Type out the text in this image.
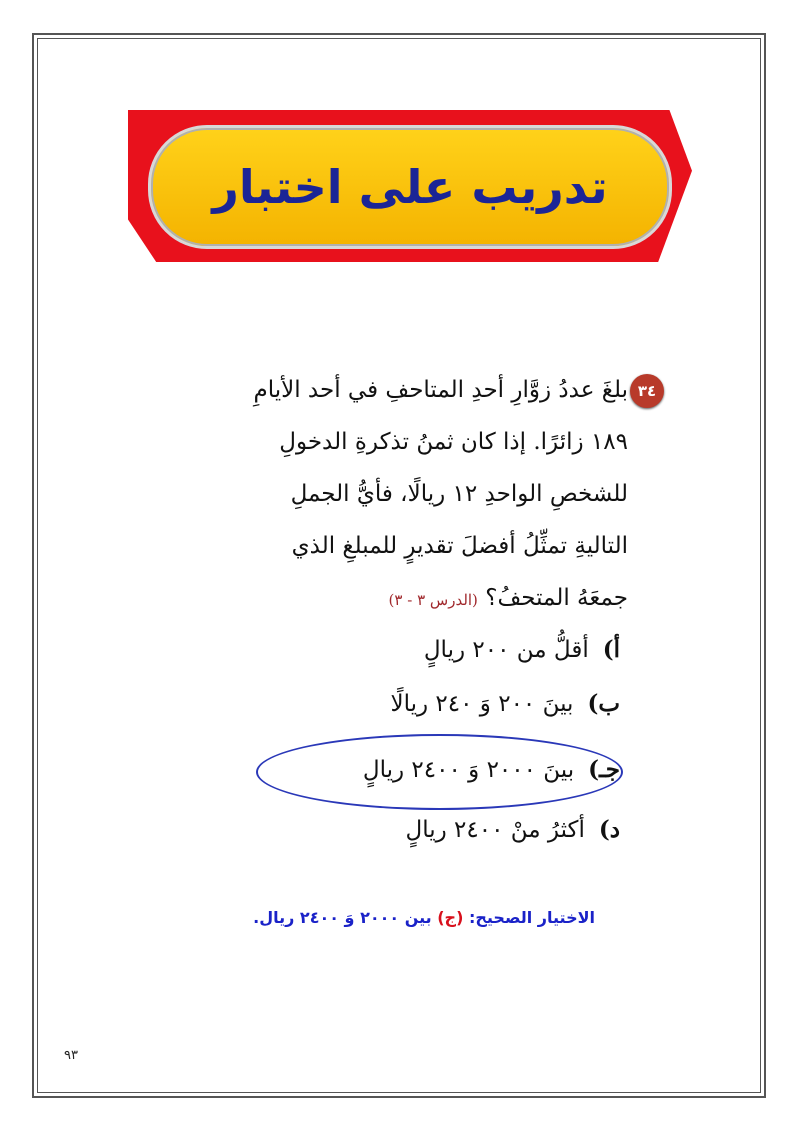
تدريب على اختبار
٣٤
بلغَ عددُ زوَّارِ أحدِ المتاحفِ في أحد الأيامِ
١٨٩ زائرًا. إذا كان ثمنُ تذكرةِ الدخولِ
للشخصِ الواحدِ ١٢ ريالًا، فأيُّ الجملِ
التاليةِ تمثِّلُ أفضلَ تقديرٍ للمبلغِ الذي
جمعَهُ المتحفُ؟ (الدرس ٣ - ٣)
أ)أقلُّ من ٢٠٠ ريالٍ
ب)بينَ ٢٠٠ وَ ٢٤٠ ريالًا
جـ)بينَ ٢٠٠٠ وَ ٢٤٠٠ ريالٍ
د)أكثرُ منْ ٢٤٠٠ ريالٍ
الاختيار الصحيح: (ج) بين ٢٠٠٠ وَ ٢٤٠٠ ريال.
٩٣
